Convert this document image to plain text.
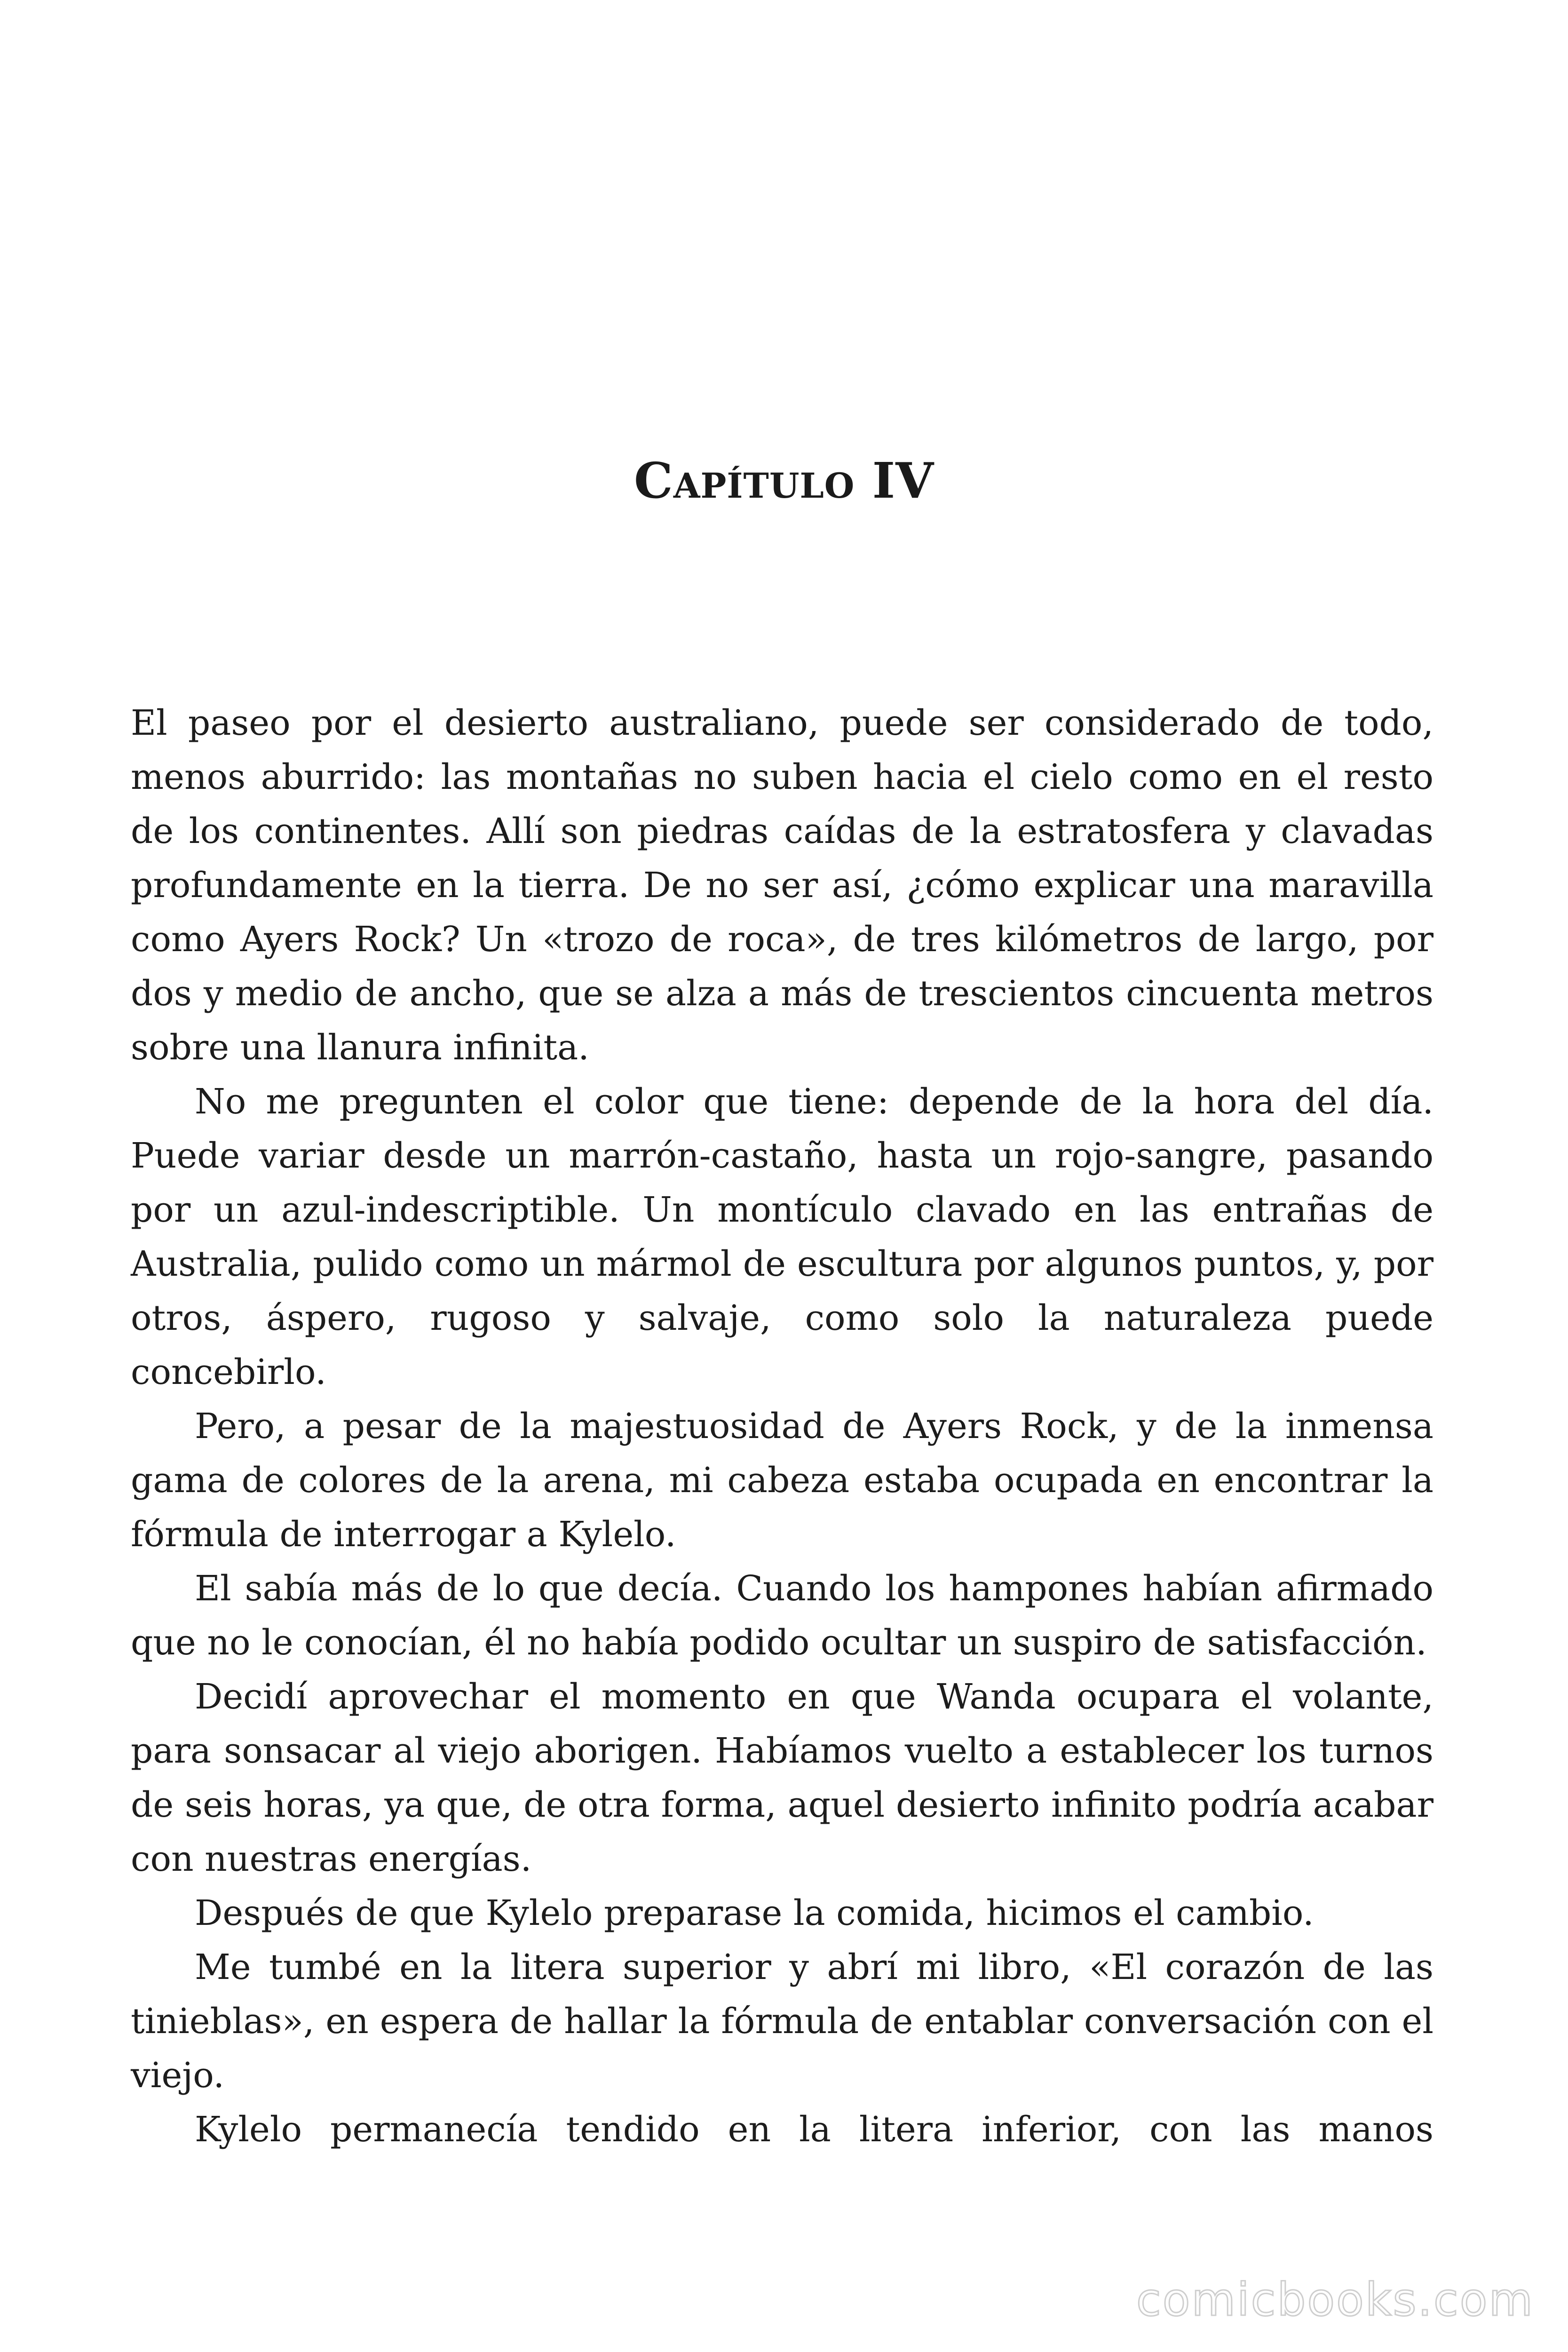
Capítulo IV

El paseo por el desierto australiano, puede ser considerado de todo, menos aburrido: las montañas no suben hacia el cielo como en el resto de los continentes. Allí son piedras caídas de la estratosfera y clavadas profundamente en la tierra. De no ser así, ¿cómo explicar una maravilla como Ayers Rock? Un «trozo de roca», de tres kilómetros de largo, por dos y medio de ancho, que se alza a más de trescientos cincuenta metros sobre una llanura infinita.

No me pregunten el color que tiene: depende de la hora del día. Puede variar desde un marrón-castaño, hasta un rojo-sangre, pasando por un azul-indescriptible. Un montículo clavado en las entrañas de Australia, pulido como un mármol de escultura por algunos puntos, y, por otros, áspero, rugoso y salvaje, como solo la naturaleza puede concebirlo.

Pero, a pesar de la majestuosidad de Ayers Rock, y de la inmensa gama de colores de la arena, mi cabeza estaba ocupada en encontrar la fórmula de interrogar a Kylelo.

El sabía más de lo que decía. Cuando los hampones habían afirmado que no le conocían, él no había podido ocultar un suspiro de satisfacción.

Decidí aprovechar el momento en que Wanda ocupara el volante, para sonsacar al viejo aborigen. Habíamos vuelto a establecer los turnos de seis horas, ya que, de otra forma, aquel desierto infinito podría acabar con nuestras energías.

Después de que Kylelo preparase la comida, hicimos el cambio.

Me tumbé en la litera superior y abrí mi libro, «El corazón de las tinieblas», en espera de hallar la fórmula de entablar conversación con el viejo.

Kylelo permanecía tendido en la litera inferior, con las manos

comicbooks.com
